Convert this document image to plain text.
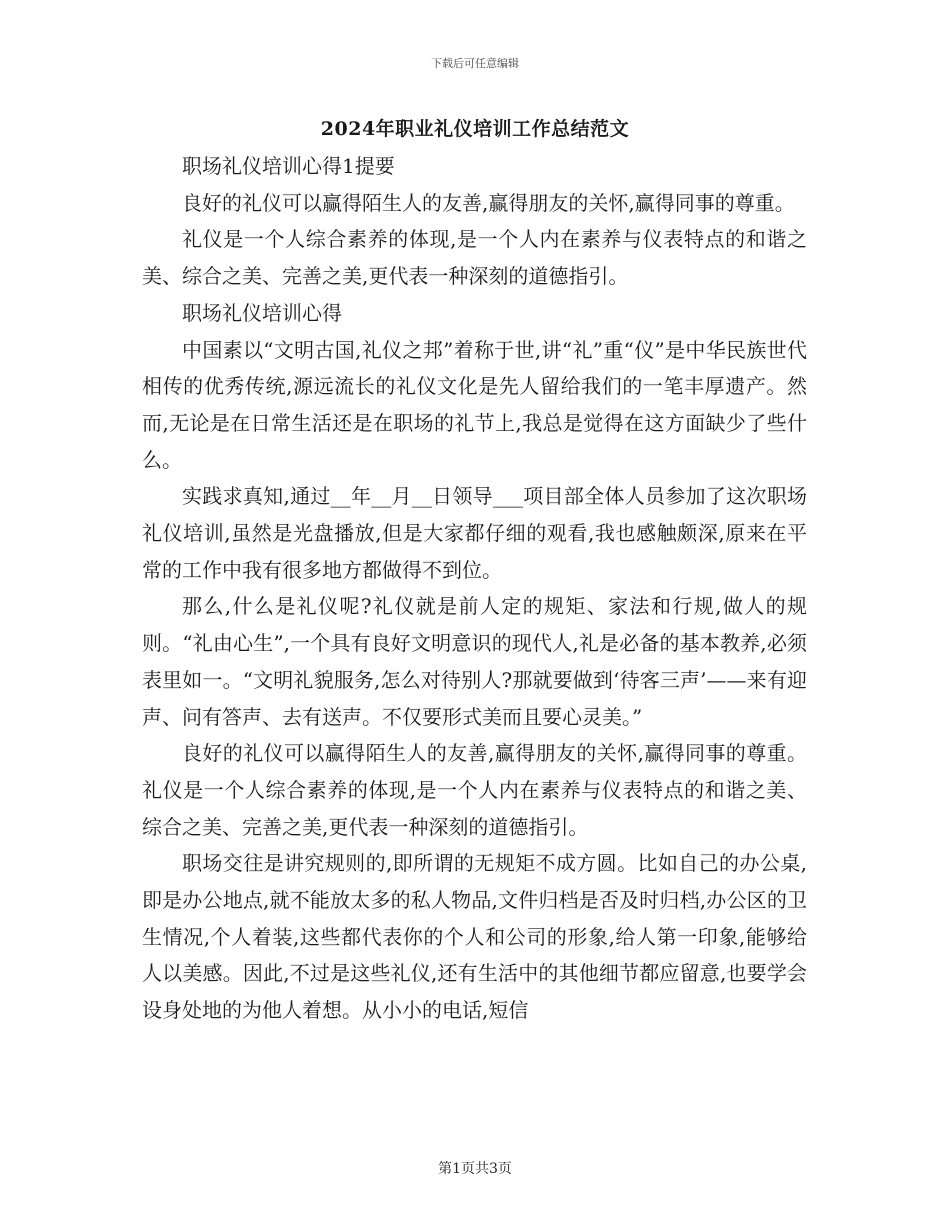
下载后可任意编辑
2024年职业礼仪培训工作总结范文

职场礼仪培训心得1提要

良好的礼仪可以赢得陌生人的友善,赢得朋友的关怀,赢得同事的尊重。

礼仪是一个人综合素养的体现,是一个人内在素养与仪表特点的和谐之美、综合之美、完善之美,更代表一种深刻的道德指引。

职场礼仪培训心得

中国素以“文明古国,礼仪之邦”着称于世,讲“礼”重“仪”是中华民族世代相传的优秀传统,源远流长的礼仪文化是先人留给我们的一笔丰厚遗产。然而,无论是在日常生活还是在职场的礼节上,我总是觉得在这方面缺少了些什么。

实践求真知,通过__年__月__日领导___项目部全体人员参加了这次职场礼仪培训,虽然是光盘播放,但是大家都仔细的观看,我也感触颇深,原来在平常的工作中我有很多地方都做得不到位。

那么,什么是礼仪呢?礼仪就是前人定的规矩、家法和行规,做人的规则。“礼由心生”,一个具有良好文明意识的现代人,礼是必备的基本教养,必须表里如一。“文明礼貌服务,怎么对待别人?那就要做到‘待客三声’——来有迎声、问有答声、去有送声。不仅要形式美而且要心灵美。”

良好的礼仪可以赢得陌生人的友善,赢得朋友的关怀,赢得同事的尊重。礼仪是一个人综合素养的体现,是一个人内在素养与仪表特点的和谐之美、综合之美、完善之美,更代表一种深刻的道德指引。

职场交往是讲究规则的,即所谓的无规矩不成方圆。比如自己的办公桌,即是办公地点,就不能放太多的私人物品,文件归档是否及时归档,办公区的卫生情况,个人着装,这些都代表你的个人和公司的形象,给人第一印象,能够给人以美感。因此,不过是这些礼仪,还有生活中的其他细节都应留意,也要学会设身处地的为他人着想。从小小的电话,短信

第1页共3页
